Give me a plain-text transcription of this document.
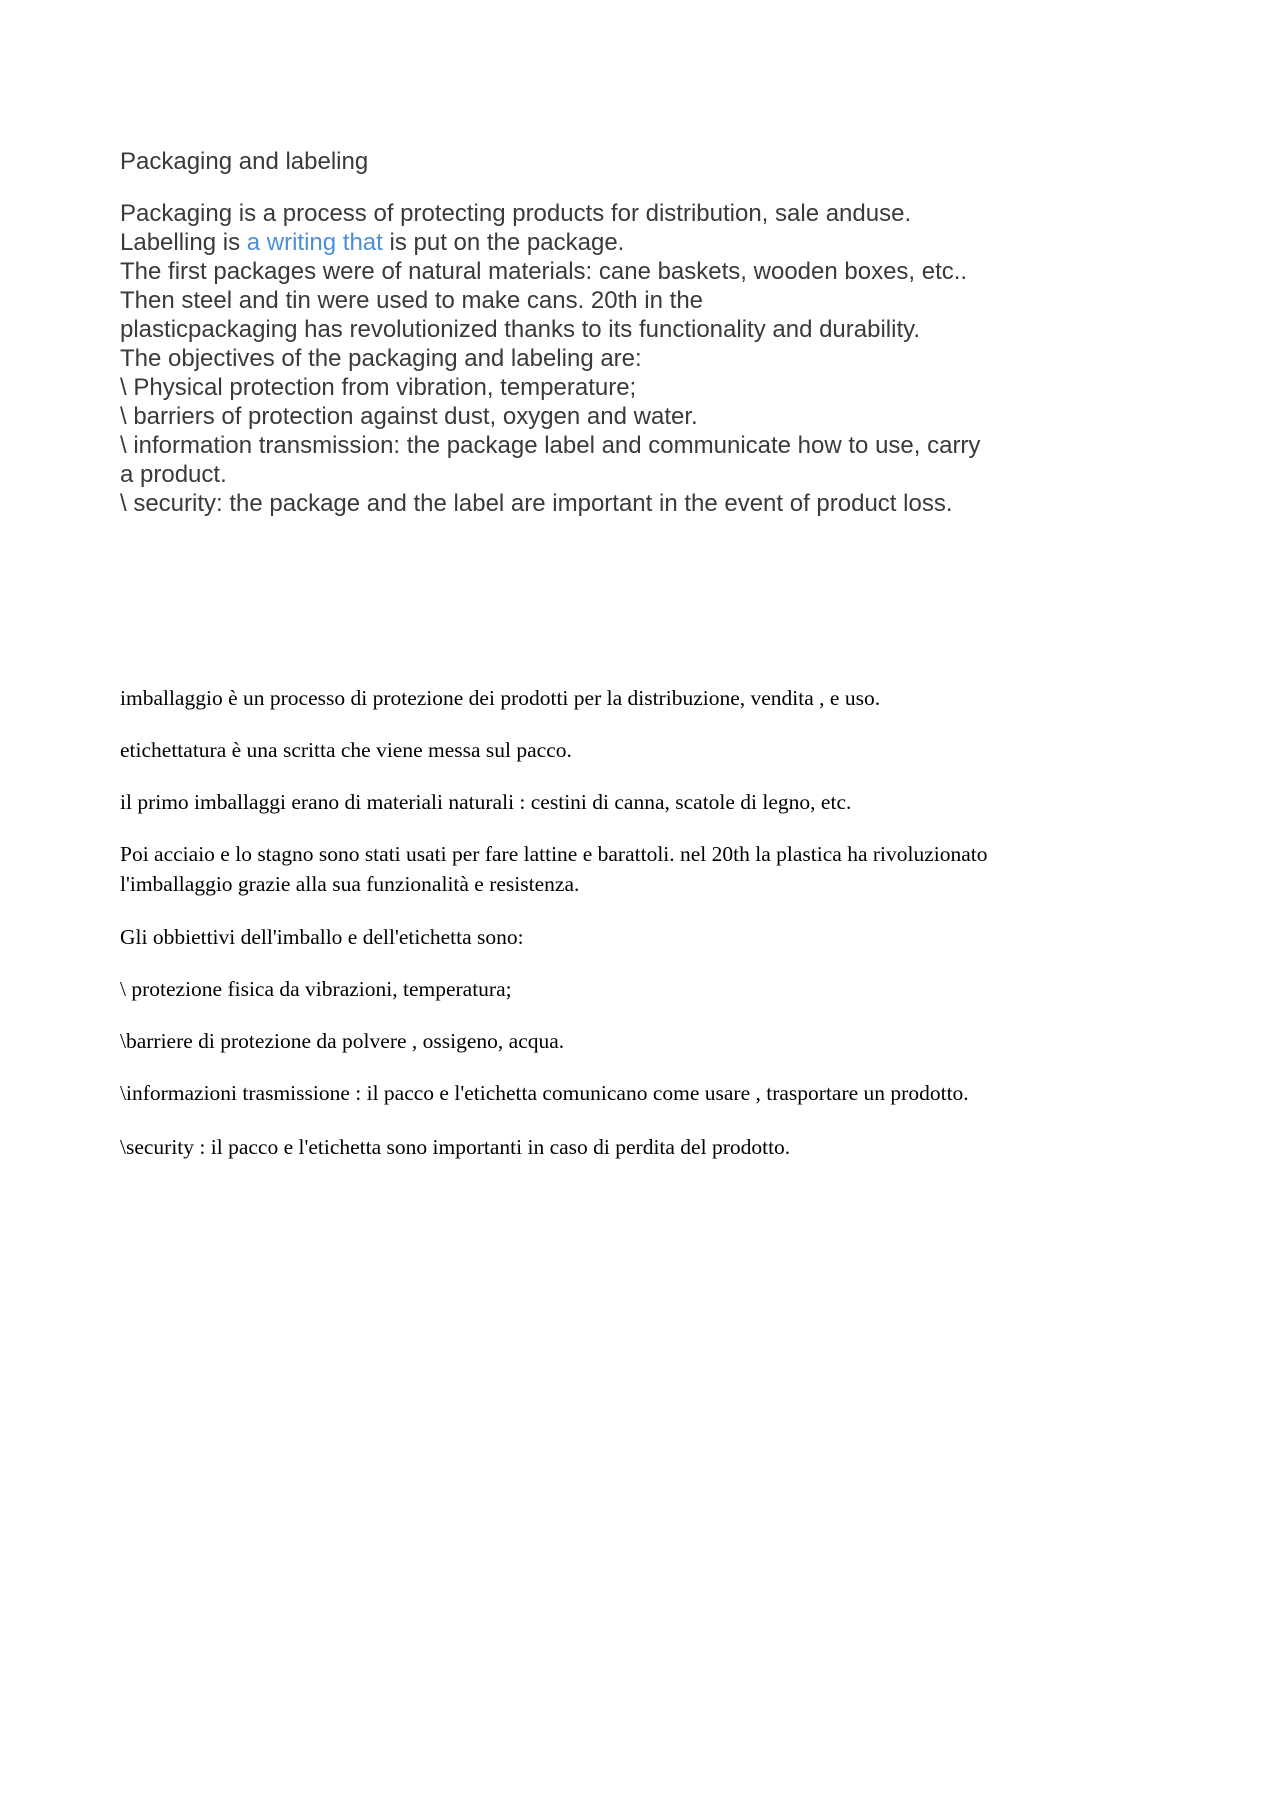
Packaging and labeling
Packaging is a process of protecting products for distribution, sale anduse.
Labelling is a writing that is put on the package.
The first packages were of natural materials: cane baskets, wooden boxes, etc..
Then steel and tin were used to make cans. 20th in the
plasticpackaging has revolutionized thanks to its functionality and durability.
The objectives of the packaging and labeling are:
\ Physical protection from vibration, temperature;
\ barriers of protection against dust, oxygen and water.
\ information transmission: the package label and communicate how to use, carry
a product.
\ security: the package and the label are important in the event of product loss.

imballaggio è un processo di protezione dei prodotti per la distribuzione, vendita , e uso.

etichettatura è una scritta che viene messa sul pacco.

il primo imballaggi erano di materiali naturali : cestini di canna, scatole di legno, etc.

Poi acciaio e lo stagno sono stati usati per fare lattine e barattoli. nel 20th la plastica ha rivoluzionato
l'imballaggio grazie alla sua funzionalità e resistenza.

Gli obbiettivi dell'imballo e dell'etichetta sono:

\ protezione fisica da vibrazioni, temperatura;

\barriere di protezione da polvere , ossigeno, acqua.

\informazioni trasmissione : il pacco e l'etichetta comunicano come usare , trasportare un prodotto.

\security : il pacco e l'etichetta sono importanti in caso di perdita del prodotto.
